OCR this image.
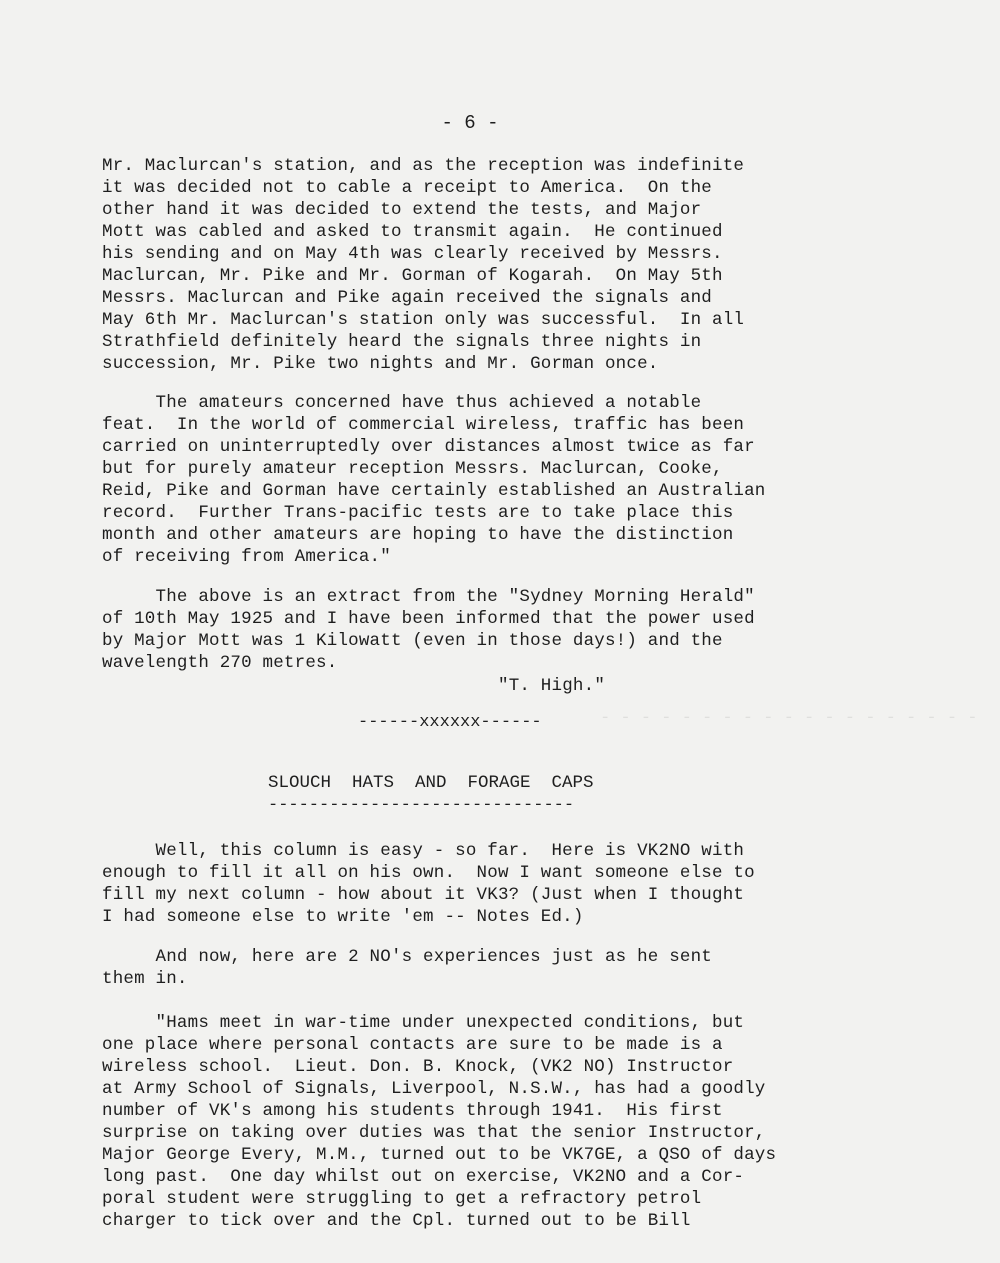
- - - - - - - - - - - - - - - - - - -

- 6 -
Mr. Maclurcan's station, and as the reception was indefinite
it was decided not to cable a receipt to America.  On the
other hand it was decided to extend the tests, and Major
Mott was cabled and asked to transmit again.  He continued
his sending and on May 4th was clearly received by Messrs.
Maclurcan, Mr. Pike and Mr. Gorman of Kogarah.  On May 5th
Messrs. Maclurcan and Pike again received the signals and
May 6th Mr. Maclurcan's station only was successful.  In all
Strathfield definitely heard the signals three nights in
succession, Mr. Pike two nights and Mr. Gorman once.
The amateurs concerned have thus achieved a notable
feat.  In the world of commercial wireless, traffic has been
carried on uninterruptedly over distances almost twice as far
but for purely amateur reception Messrs. Maclurcan, Cooke,
Reid, Pike and Gorman have certainly established an Australian
record.  Further Trans-pacific tests are to take place this
month and other amateurs are hoping to have the distinction
of receiving from America."
The above is an extract from the "Sydney Morning Herald"
of 10th May 1925 and I have been informed that the power used
by Major Mott was 1 Kilowatt (even in those days!) and the
wavelength 270 metres.
"T. High."
------xxxxxx------
SLOUCH  HATS  AND  FORAGE  CAPS
------------------------------
Well, this column is easy - so far.  Here is VK2NO with
enough to fill it all on his own.  Now I want someone else to
fill my next column - how about it VK3? (Just when I thought
I had someone else to write 'em -- Notes Ed.)
And now, here are 2 NO's experiences just as he sent
them in.
"Hams meet in war-time under unexpected conditions, but
one place where personal contacts are sure to be made is a
wireless school.  Lieut. Don. B. Knock, (VK2 NO) Instructor
at Army School of Signals, Liverpool, N.S.W., has had a goodly
number of VK's among his students through 1941.  His first
surprise on taking over duties was that the senior Instructor,
Major George Every, M.M., turned out to be VK7GE, a QSO of days
long past.  One day whilst out on exercise, VK2NO and a Cor-
poral student were struggling to get a refractory petrol
charger to tick over and the Cpl. turned out to be Bill
